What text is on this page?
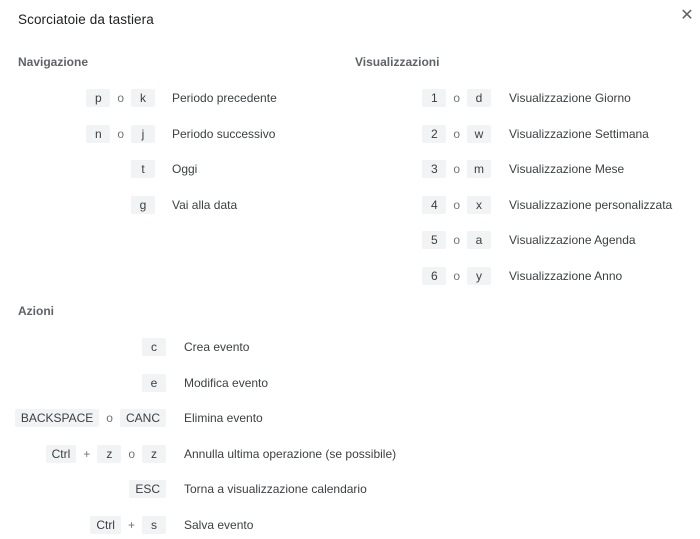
Scorciatoie da tastiera	✕
Navigazione	Visualizzazioni
Azioni
p	o	k	Periodo precedente
n	o	j	Periodo successivo
t	Oggi
g	Vai alla data
1	o	d	Visualizzazione Giorno
2	o	w	Visualizzazione Settimana
3	o	m	Visualizzazione Mese
4	o	x	Visualizzazione personalizzata
5	o	a	Visualizzazione Agenda
6	o	y	Visualizzazione Anno
c	Crea evento
e	Modifica evento
BACKSPACE	o	CANC	Elimina evento
Ctrl	+	z	o	z	Annulla ultima operazione (se possibile)
ESC	Torna a visualizzazione calendario
Ctrl	+	s	Salva evento
